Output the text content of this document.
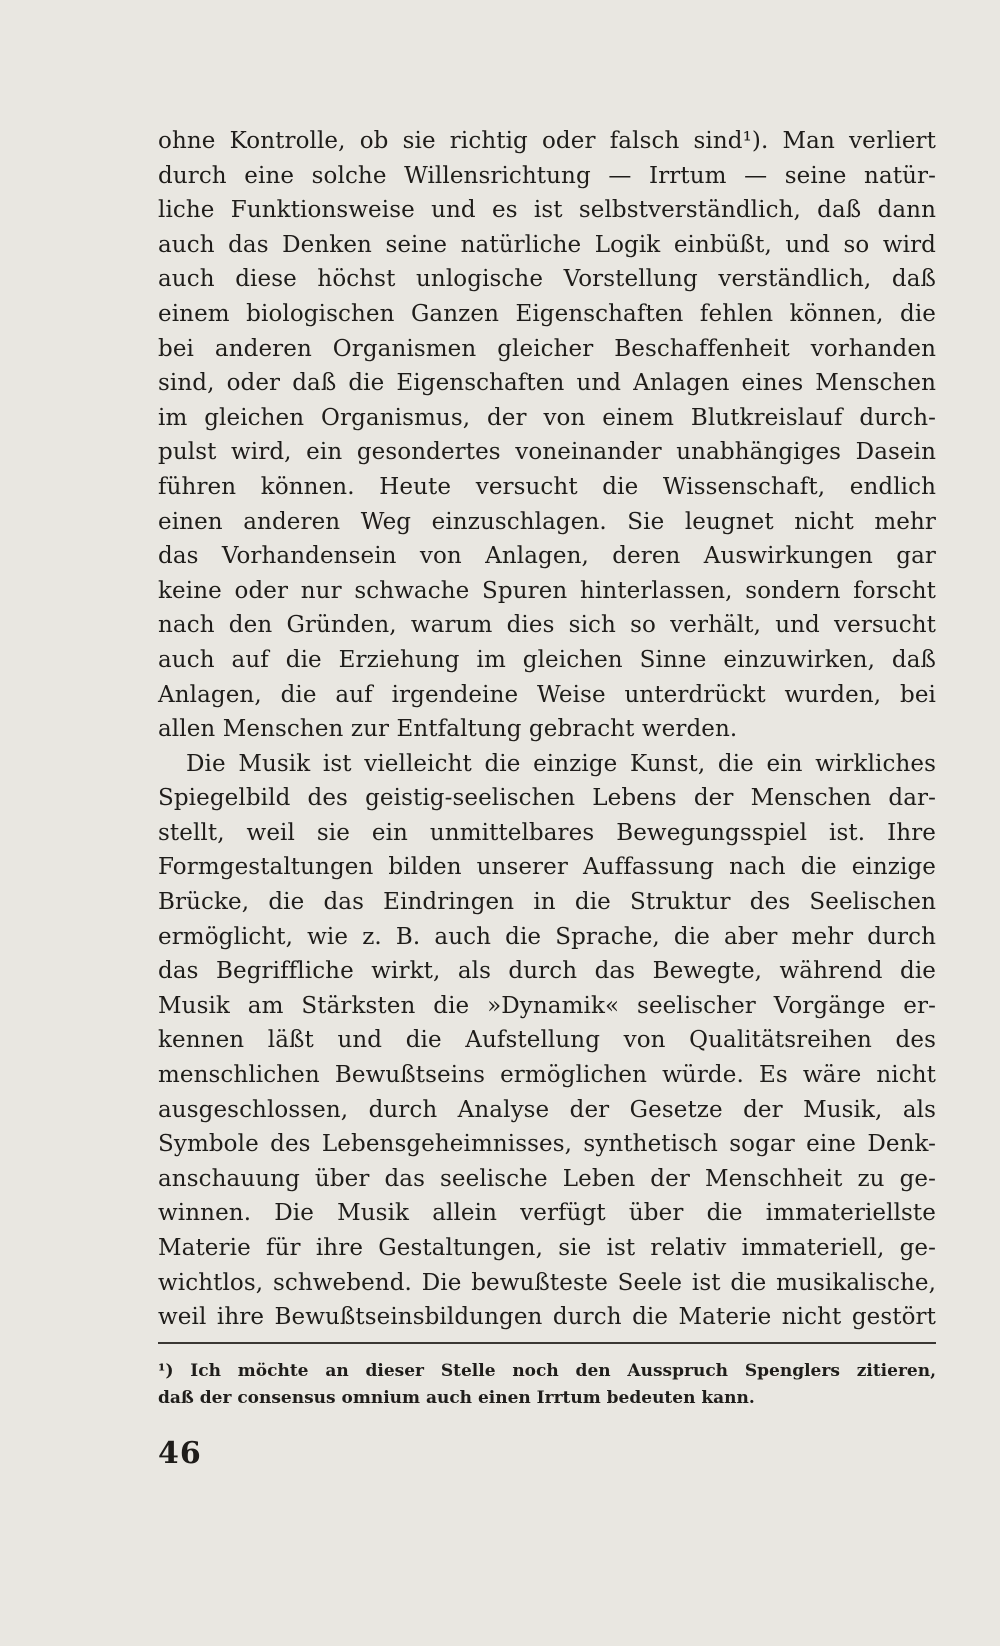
ohne Kontrolle, ob sie richtig oder falsch sind¹). Man verliert
durch eine solche Willensrichtung — Irrtum — seine natür-
liche Funktionsweise und es ist selbstverständlich, daß dann
auch das Denken seine natürliche Logik einbüßt, und so wird
auch diese höchst unlogische Vorstellung verständlich, daß
einem biologischen Ganzen Eigenschaften fehlen können, die
bei anderen Organismen gleicher Beschaffenheit vorhanden
sind, oder daß die Eigenschaften und Anlagen eines Menschen
im gleichen Organismus, der von einem Blutkreislauf durch-
pulst wird, ein gesondertes voneinander unabhängiges Dasein
führen können. Heute versucht die Wissenschaft, endlich
einen anderen Weg einzuschlagen. Sie leugnet nicht mehr
das Vorhandensein von Anlagen, deren Auswirkungen gar
keine oder nur schwache Spuren hinterlassen, sondern forscht
nach den Gründen, warum dies sich so verhält, und versucht
auch auf die Erziehung im gleichen Sinne einzuwirken, daß
Anlagen, die auf irgendeine Weise unterdrückt wurden, bei
allen Menschen zur Entfaltung gebracht werden.
Die Musik ist vielleicht die einzige Kunst, die ein wirkliches
Spiegelbild des geistig-seelischen Lebens der Menschen dar-
stellt, weil sie ein unmittelbares Bewegungsspiel ist. Ihre
Formgestaltungen bilden unserer Auffassung nach die einzige
Brücke, die das Eindringen in die Struktur des Seelischen
ermöglicht, wie z. B. auch die Sprache, die aber mehr durch
das Begriffliche wirkt, als durch das Bewegte, während die
Musik am Stärksten die »Dynamik« seelischer Vorgänge er-
kennen läßt und die Aufstellung von Qualitätsreihen des
menschlichen Bewußtseins ermöglichen würde. Es wäre nicht
ausgeschlossen, durch Analyse der Gesetze der Musik, als
Symbole des Lebensgeheimnisses, synthetisch sogar eine Denk-
anschauung über das seelische Leben der Menschheit zu ge-
winnen. Die Musik allein verfügt über die immateriellste
Materie für ihre Gestaltungen, sie ist relativ immateriell, ge-
wichtlos, schwebend. Die bewußteste Seele ist die musikalische,
weil ihre Bewußtseinsbildungen durch die Materie nicht gestört
¹) Ich möchte an dieser Stelle noch den Ausspruch Spenglers zitieren,
daß der consensus omnium auch einen Irrtum bedeuten kann.
46
